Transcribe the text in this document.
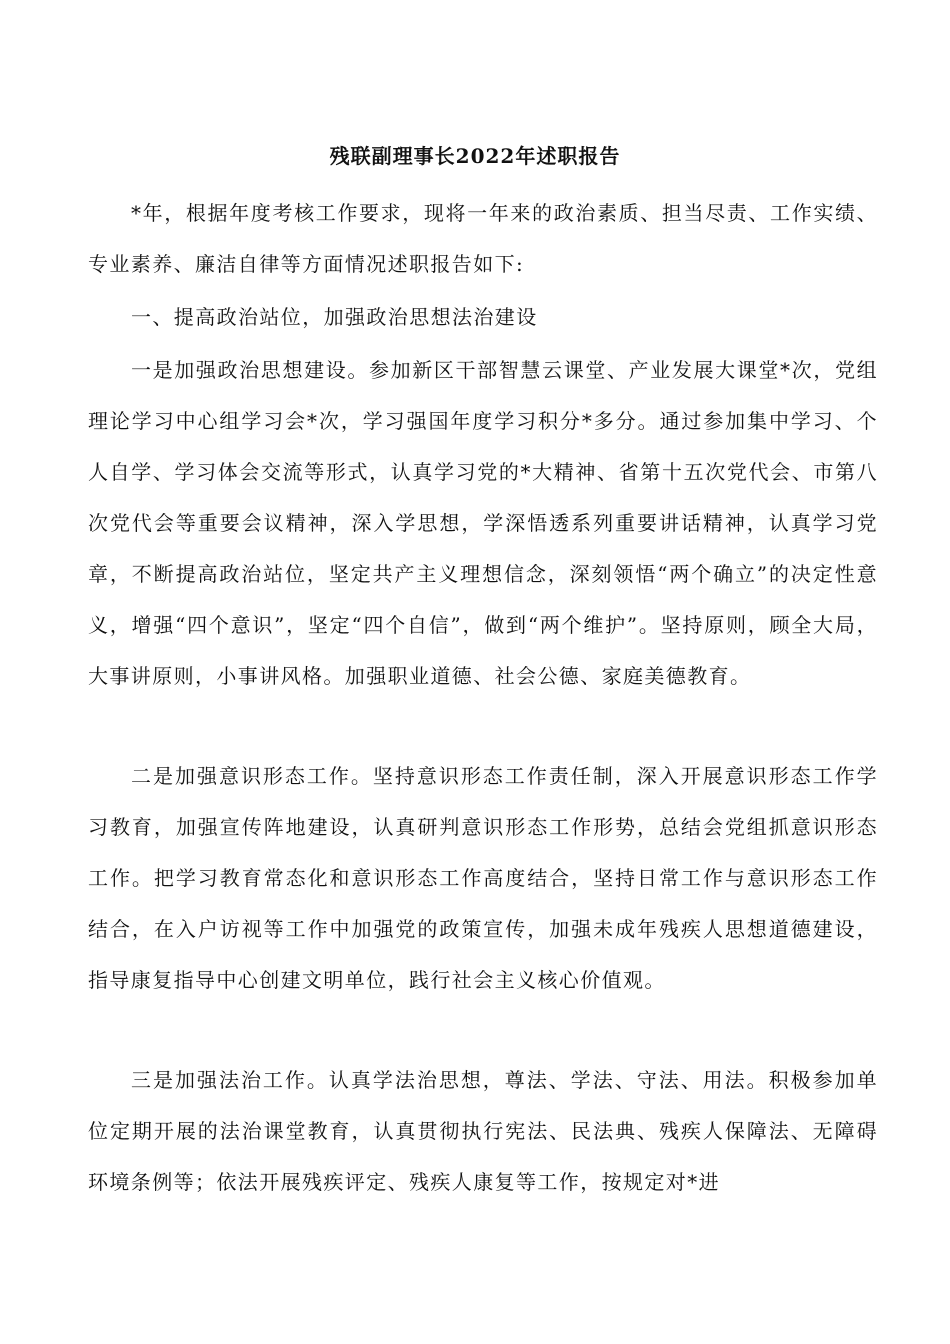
残联副理事长2022年述职报告

*年，根据年度考核工作要求，现将一年来的政治素质、担当尽责、工作实绩、专业素养、廉洁自律等方面情况述职报告如下:

一、提高政治站位，加强政治思想法治建设

一是加强政治思想建设。参加新区干部智慧云课堂、产业发展大课堂*次，党组理论学习中心组学习会*次，学习强国年度学习积分*多分。通过参加集中学习、个人自学、学习体会交流等形式，认真学习党的*大精神、省第十五次党代会、市第八次党代会等重要会议精神，深入学思想，学深悟透系列重要讲话精神，认真学习党章，不断提高政治站位，坚定共产主义理想信念，深刻领悟“两个确立”的决定性意义，增强“四个意识”，坚定“四个自信”，做到“两个维护”。坚持原则，顾全大局，大事讲原则，小事讲风格。加强职业道德、社会公德、家庭美德教育。

二是加强意识形态工作。坚持意识形态工作责任制，深入开展意识形态工作学习教育，加强宣传阵地建设，认真研判意识形态工作形势，总结会党组抓意识形态工作。把学习教育常态化和意识形态工作高度结合，坚持日常工作与意识形态工作结合，在入户访视等工作中加强党的政策宣传，加强未成年残疾人思想道德建设，指导康复指导中心创建文明单位，践行社会主义核心价值观。

三是加强法治工作。认真学法治思想，尊法、学法、守法、用法。积极参加单位定期开展的法治课堂教育，认真贯彻执行宪法、民法典、残疾人保障法、无障碍环境条例等；依法开展残疾评定、残疾人康复等工作，按规定对*进
